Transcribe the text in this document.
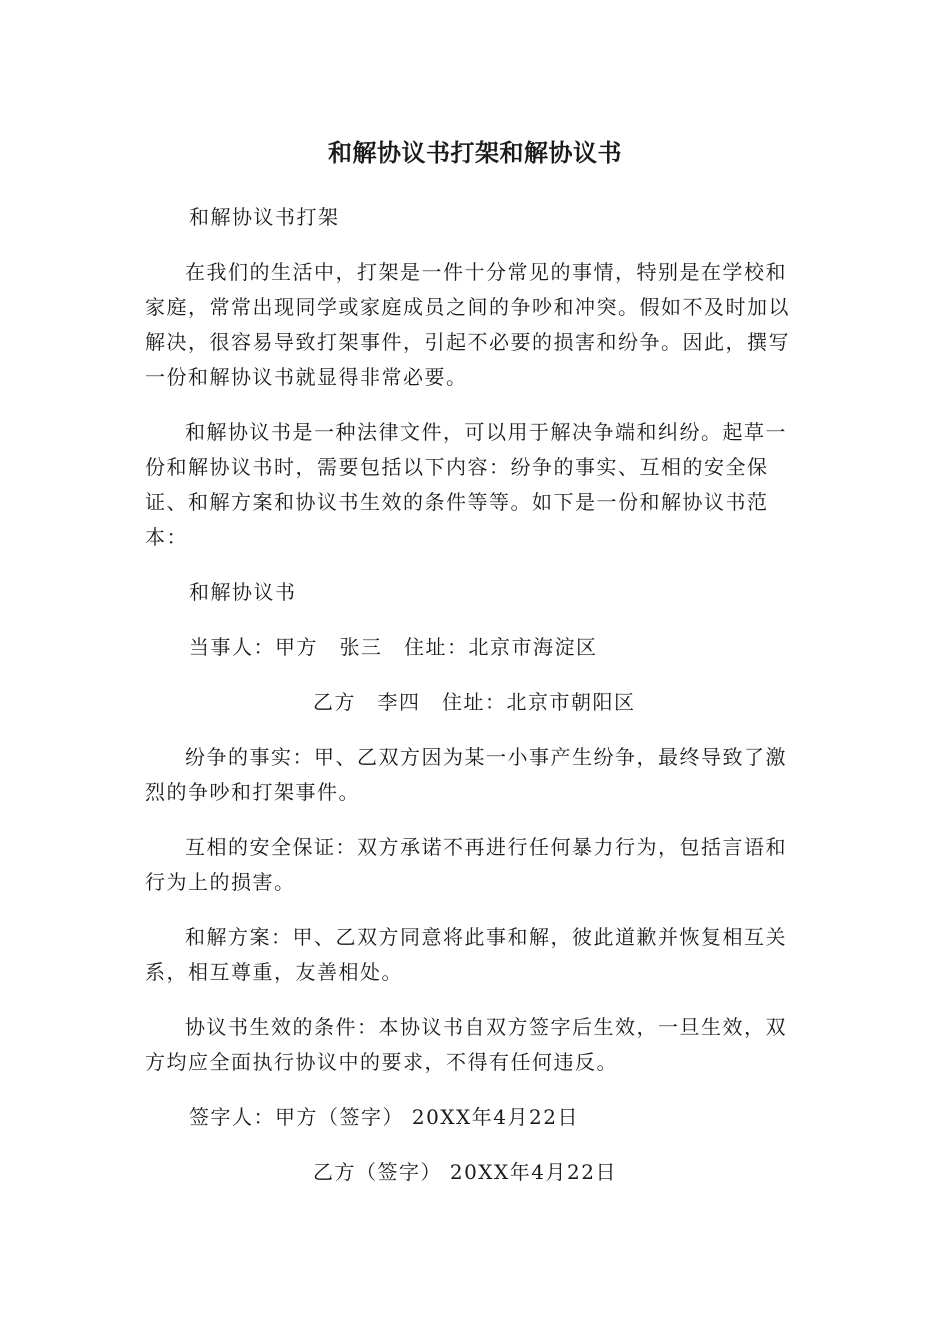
和解协议书打架和解协议书
和解协议书打架

在我们的生活中，打架是一件十分常见的事情，特别是在学校和家庭，常常出现同学或家庭成员之间的争吵和冲突。假如不及时加以解决，很容易导致打架事件，引起不必要的损害和纷争。因此，撰写一份和解协议书就显得非常必要。

和解协议书是一种法律文件，可以用于解决争端和纠纷。起草一份和解协议书时，需要包括以下内容：纷争的事实、互相的安全保证、和解方案和协议书生效的条件等等。如下是一份和解协议书范本：

和解协议书
当事人：甲方　张三　住址：北京市海淀区
乙方　李四　住址：北京市朝阳区

纷争的事实：甲、乙双方因为某一小事产生纷争，最终导致了激烈的争吵和打架事件。

互相的安全保证：双方承诺不再进行任何暴力行为，包括言语和行为上的损害。

和解方案：甲、乙双方同意将此事和解，彼此道歉并恢复相互关系，相互尊重，友善相处。

协议书生效的条件：本协议书自双方签字后生效，一旦生效，双方均应全面执行协议中的要求，不得有任何违反。

签字人：甲方（签字） 20XX年4月22日
乙方（签字） 20XX年4月22日
